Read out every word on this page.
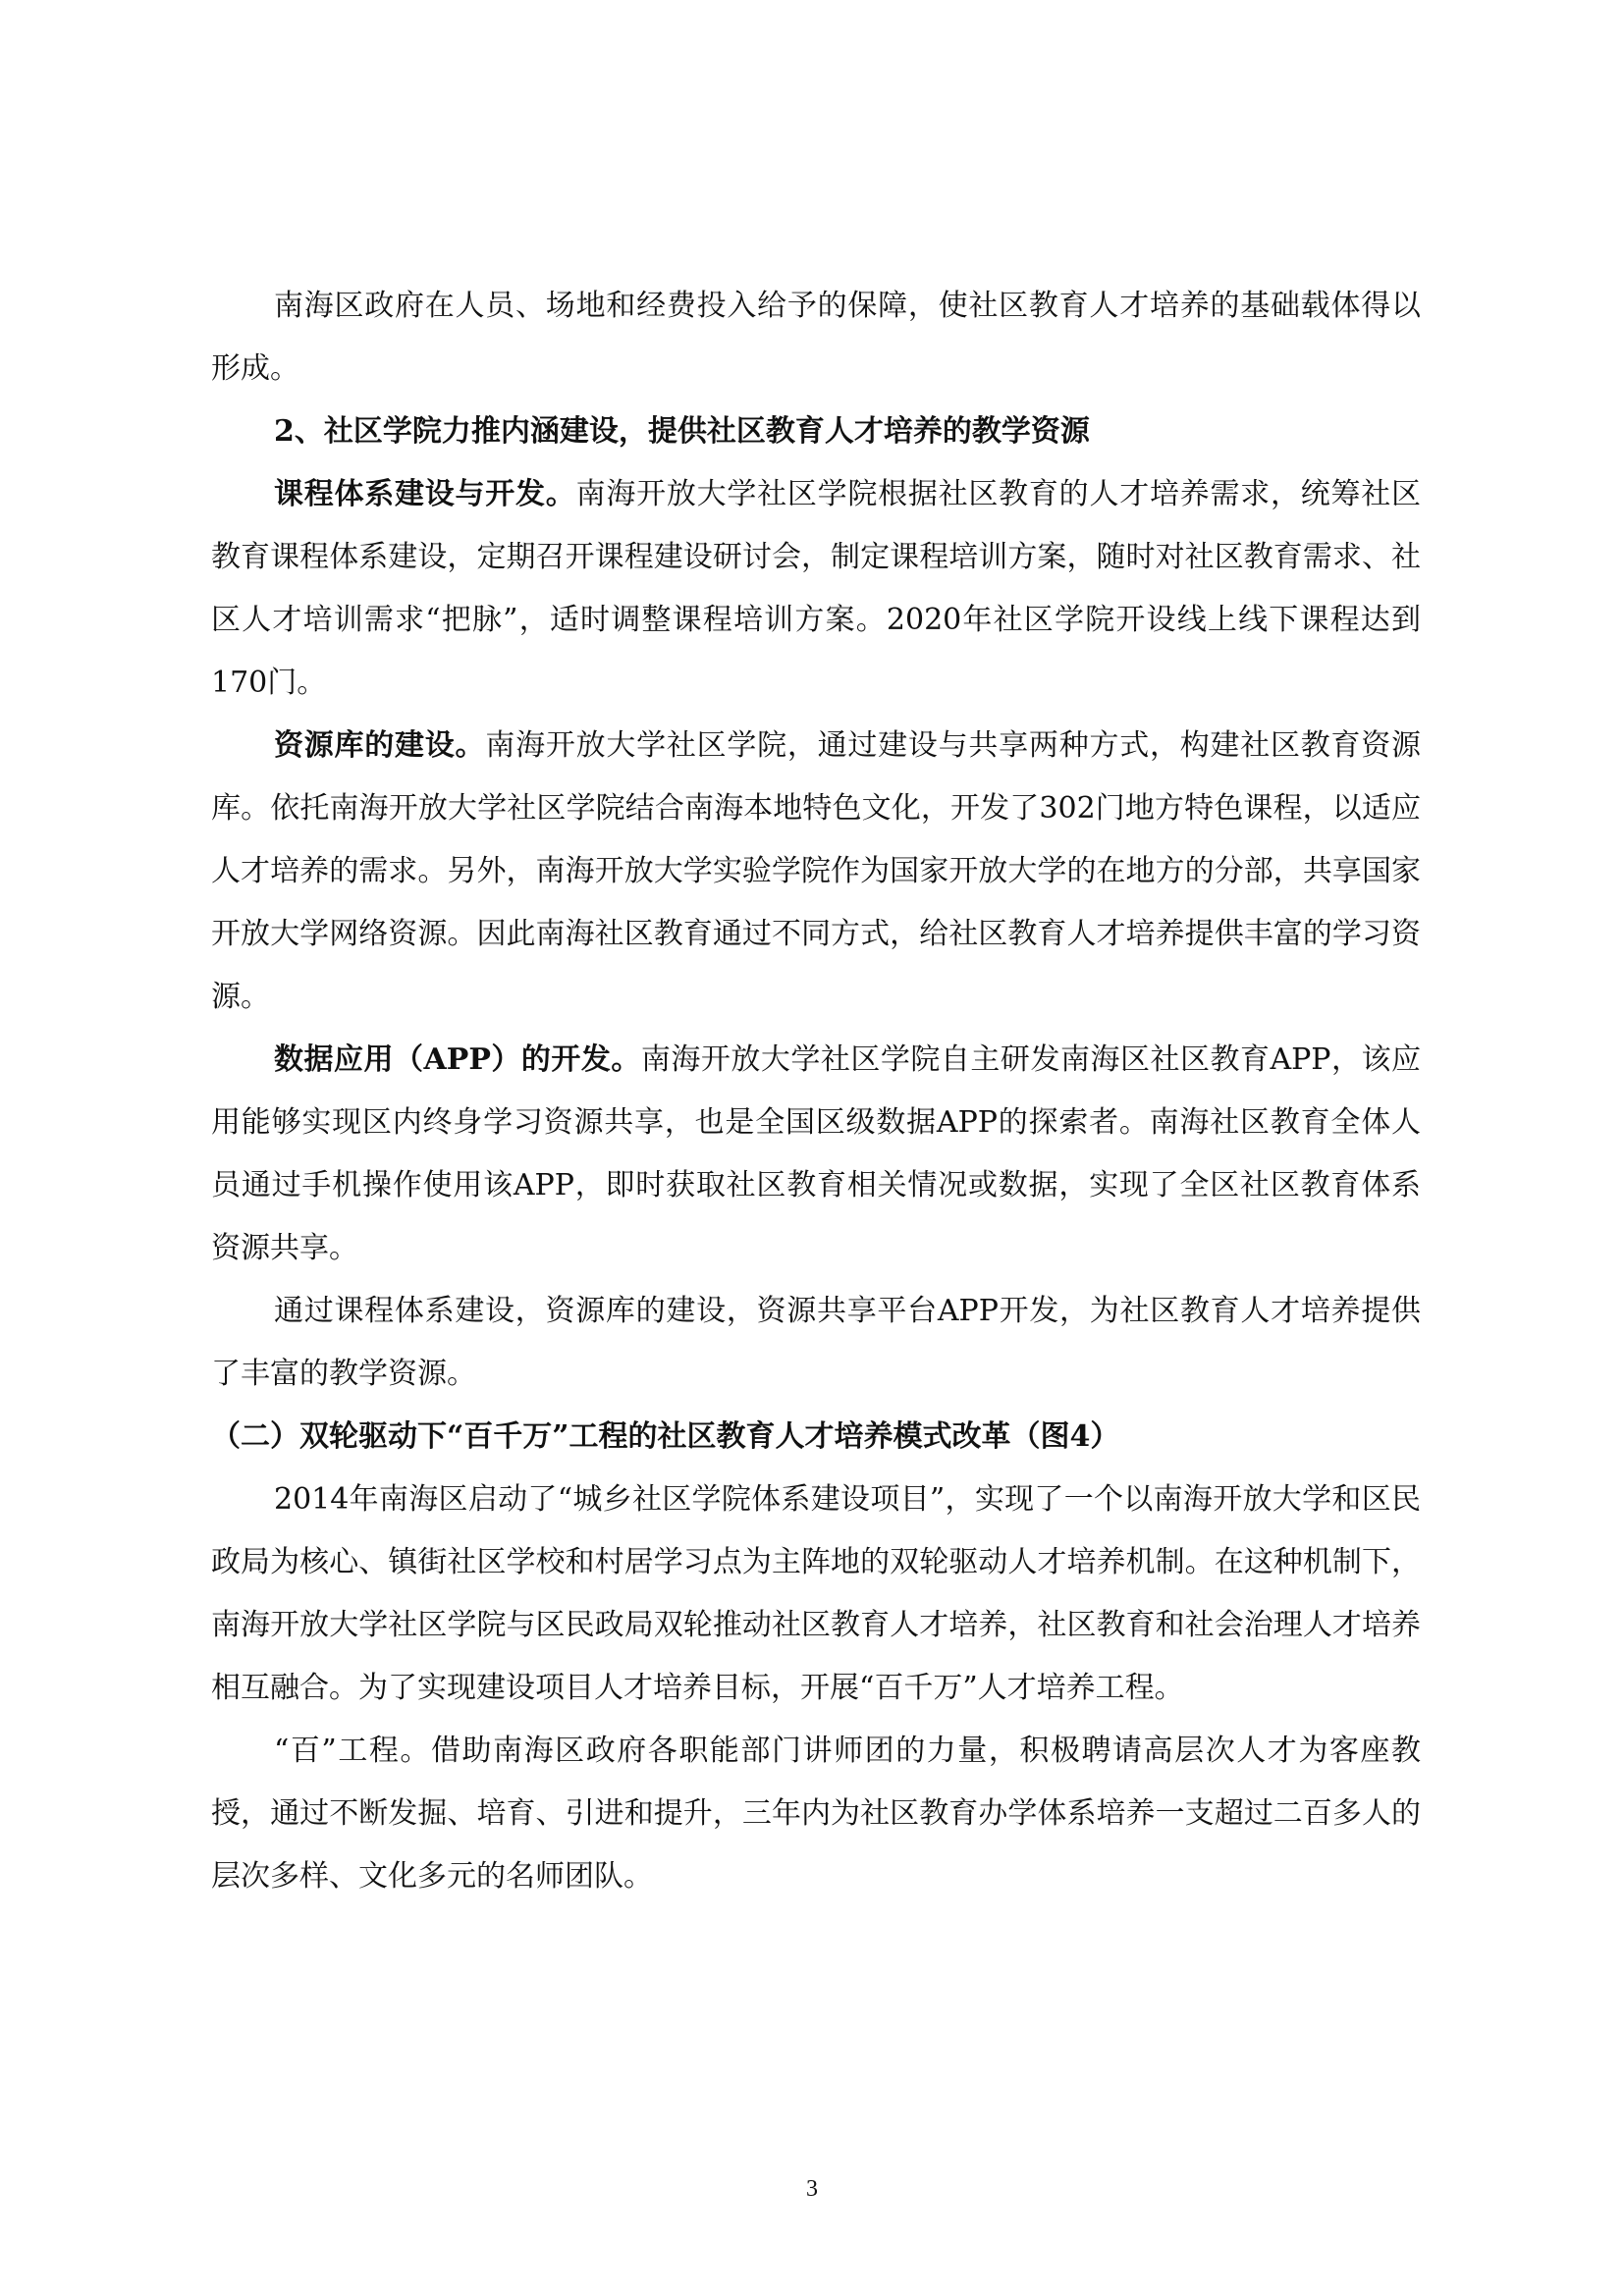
南海区政府在人员、场地和经费投入给予的保障，使社区教育人才培养的基础载体得以形成。

2、社区学院力推内涵建设，提供社区教育人才培养的教学资源

课程体系建设与开发。南海开放大学社区学院根据社区教育的人才培养需求，统筹社区教育课程体系建设，定期召开课程建设研讨会，制定课程培训方案，随时对社区教育需求、社区人才培训需求“把脉”，适时调整课程培训方案。2020年社区学院开设线上线下课程达到170门。

资源库的建设。南海开放大学社区学院，通过建设与共享两种方式，构建社区教育资源库。依托南海开放大学社区学院结合南海本地特色文化，开发了302门地方特色课程，以适应人才培养的需求。另外，南海开放大学实验学院作为国家开放大学的在地方的分部，共享国家开放大学网络资源。因此南海社区教育通过不同方式，给社区教育人才培养提供丰富的学习资源。

数据应用（APP）的开发。南海开放大学社区学院自主研发南海区社区教育APP，该应用能够实现区内终身学习资源共享，也是全国区级数据APP的探索者。南海社区教育全体人员通过手机操作使用该APP，即时获取社区教育相关情况或数据，实现了全区社区教育体系资源共享。

通过课程体系建设，资源库的建设，资源共享平台APP开发，为社区教育人才培养提供了丰富的教学资源。

（二）双轮驱动下“百千万”工程的社区教育人才培养模式改革（图4）

2014年南海区启动了“城乡社区学院体系建设项目”，实现了一个以南海开放大学和区民政局为核心、镇街社区学校和村居学习点为主阵地的双轮驱动人才培养机制。在这种机制下，南海开放大学社区学院与区民政局双轮推动社区教育人才培养，社区教育和社会治理人才培养相互融合。为了实现建设项目人才培养目标，开展“百千万”人才培养工程。

“百”工程。借助南海区政府各职能部门讲师团的力量，积极聘请高层次人才为客座教授，通过不断发掘、培育、引进和提升，三年内为社区教育办学体系培养一支超过二百多人的层次多样、文化多元的名师团队。

3
